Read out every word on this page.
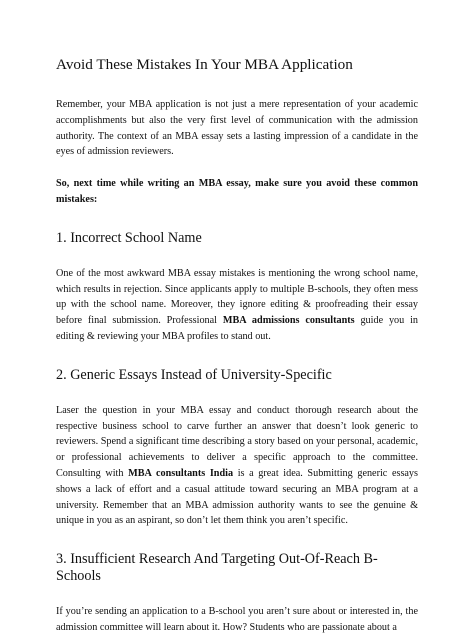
Avoid These Mistakes In Your MBA Application

Remember, your MBA application is not just a mere representation of your academic accomplishments but also the very first level of communication with the admission authority. The context of an MBA essay sets a lasting impression of a candidate in the eyes of admission reviewers.

So, next time while writing an MBA essay, make sure you avoid these common mistakes:

1. Incorrect School Name

One of the most awkward MBA essay mistakes is mentioning the wrong school name, which results in rejection. Since applicants apply to multiple B-schools, they often mess up with the school name. Moreover, they ignore editing & proofreading their essay before final submission. Professional MBA admissions consultants guide you in editing & reviewing your MBA profiles to stand out.

2. Generic Essays Instead of University-Specific

Laser the question in your MBA essay and conduct thorough research about the respective business school to carve further an answer that doesn’t look generic to reviewers. Spend a significant time describing a story based on your personal, academic, or professional achievements to deliver a specific approach to the committee. Consulting with MBA consultants India is a great idea. Submitting generic essays shows a lack of effort and a casual attitude toward securing an MBA program at a university. Remember that an MBA admission authority wants to see the genuine & unique in you as an aspirant, so don’t let them think you aren’t specific.

3. Insufficient Research And Targeting Out-Of-Reach B-Schools

If you’re sending an application to a B-school you aren’t sure about or interested in, the admission committee will learn about it. How? Students who are passionate about a
